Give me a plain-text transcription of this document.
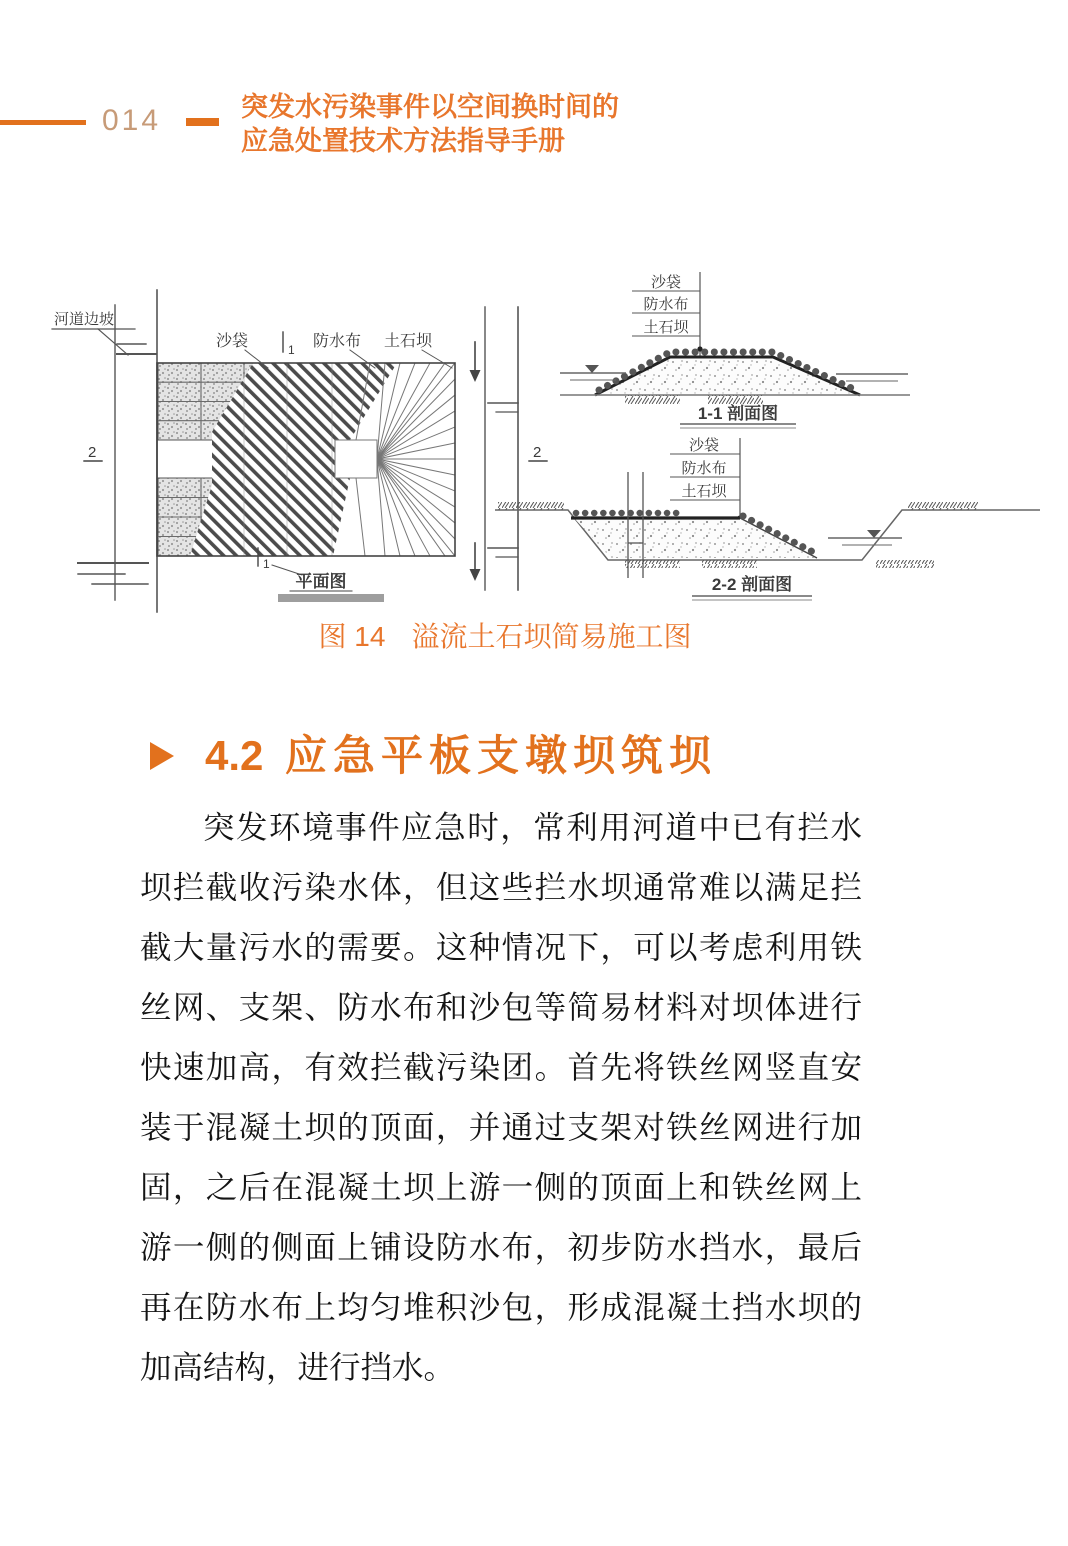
014	突发水污染事件以空间换时间的
应急处置技术方法指导手册
沙袋	1 防水布 土石坝
河道边坡
2	2
1
平面图
沙袋
防水布
土石坝
1-1 剖面图
沙袋
防水布
土石坝
2-2 剖面图
图 14 溢流土石坝简易施工图
4.2 应急平板支墩坝筑坝
突发环境事件应急时，常利用河道中已有拦水坝拦截收污染水体，但这些拦水坝通常难以满足拦截大量污水的需要。这种情况下，可以考虑利用铁丝网、支架、防水布和沙包等简易材料对坝体进行快速加高，有效拦截污染团。首先将铁丝网竖直安装于混凝土坝的顶面，并通过支架对铁丝网进行加固，之后在混凝土坝上游一侧的顶面上和铁丝网上游一侧的侧面上铺设防水布，初步防水挡水，最后再在防水布上均匀堆积沙包，形成混凝土挡水坝的加高结构，进行挡水。
